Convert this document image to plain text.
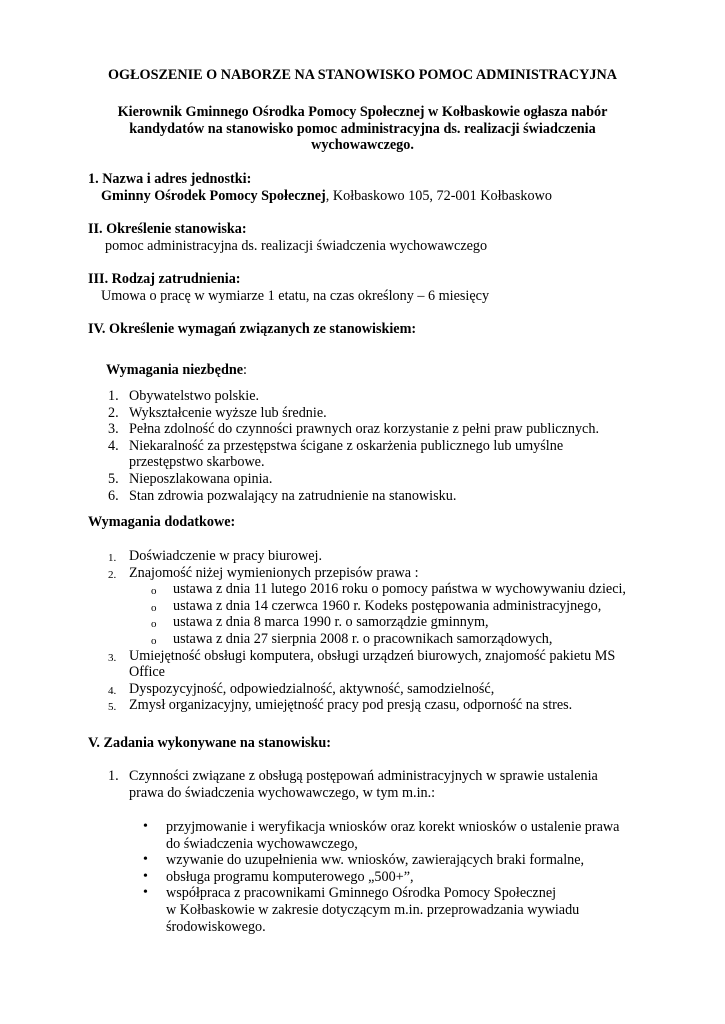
OGŁOSZENIE O NABORZE NA STANOWISKO POMOC ADMINISTRACYJNA
Kierownik Gminnego Ośrodka Pomocy Społecznej w Kołbaskowie ogłasza nabór kandydatów na stanowisko pomoc administracyjna ds. realizacji świadczenia wychowawczego.
1. Nazwa i adres jednostki:
Gminny Ośrodek Pomocy Społecznej, Kołbaskowo 105, 72-001 Kołbaskowo
II. Określenie stanowiska:
pomoc administracyjna ds. realizacji świadczenia wychowawczego
III. Rodzaj zatrudnienia:
Umowa o pracę w wymiarze 1 etatu, na czas określony – 6 miesięcy
IV. Określenie wymagań związanych ze stanowiskiem:
Wymagania niezbędne:
1. Obywatelstwo polskie.
2. Wykształcenie wyższe lub średnie.
3. Pełna zdolność do czynności prawnych oraz korzystanie z pełni praw publicznych.
4. Niekaralność za przestępstwa ścigane z oskarżenia publicznego lub umyślne
przestępstwo skarbowe.
5. Nieposzlakowana opinia.
6. Stan zdrowia pozwalający na zatrudnienie na stanowisku.
Wymagania dodatkowe:
1. Doświadczenie w pracy biurowej.
2. Znajomość niżej wymienionych przepisów prawa :
o ustawa z dnia 11 lutego 2016 roku o pomocy państwa w wychowywaniu dzieci,
o ustawa z dnia 14 czerwca 1960 r. Kodeks postępowania administracyjnego,
o ustawa z dnia 8 marca 1990 r. o samorządzie gminnym,
o ustawa z dnia 27 sierpnia 2008 r. o pracownikach samorządowych,
3. Umiejętność obsługi komputera, obsługi urządzeń biurowych, znajomość pakietu MS
Office
4. Dyspozycyjność, odpowiedzialność, aktywność, samodzielność,
5. Zmysł organizacyjny, umiejętność pracy pod presją czasu, odporność na stres.
V. Zadania wykonywane na stanowisku:
1. Czynności związane z obsługą postępowań administracyjnych w sprawie ustalenia
prawa do świadczenia wychowawczego, w tym m.in.:
• przyjmowanie i weryfikacja wniosków oraz korekt wniosków o ustalenie prawa
do świadczenia wychowawczego,
• wzywanie do uzupełnienia ww. wniosków, zawierających braki formalne,
• obsługa programu komputerowego „500+”,
• współpraca z pracownikami Gminnego Ośrodka Pomocy Społecznej
w Kołbaskowie w zakresie dotyczącym m.in. przeprowadzania wywiadu
środowiskowego.
